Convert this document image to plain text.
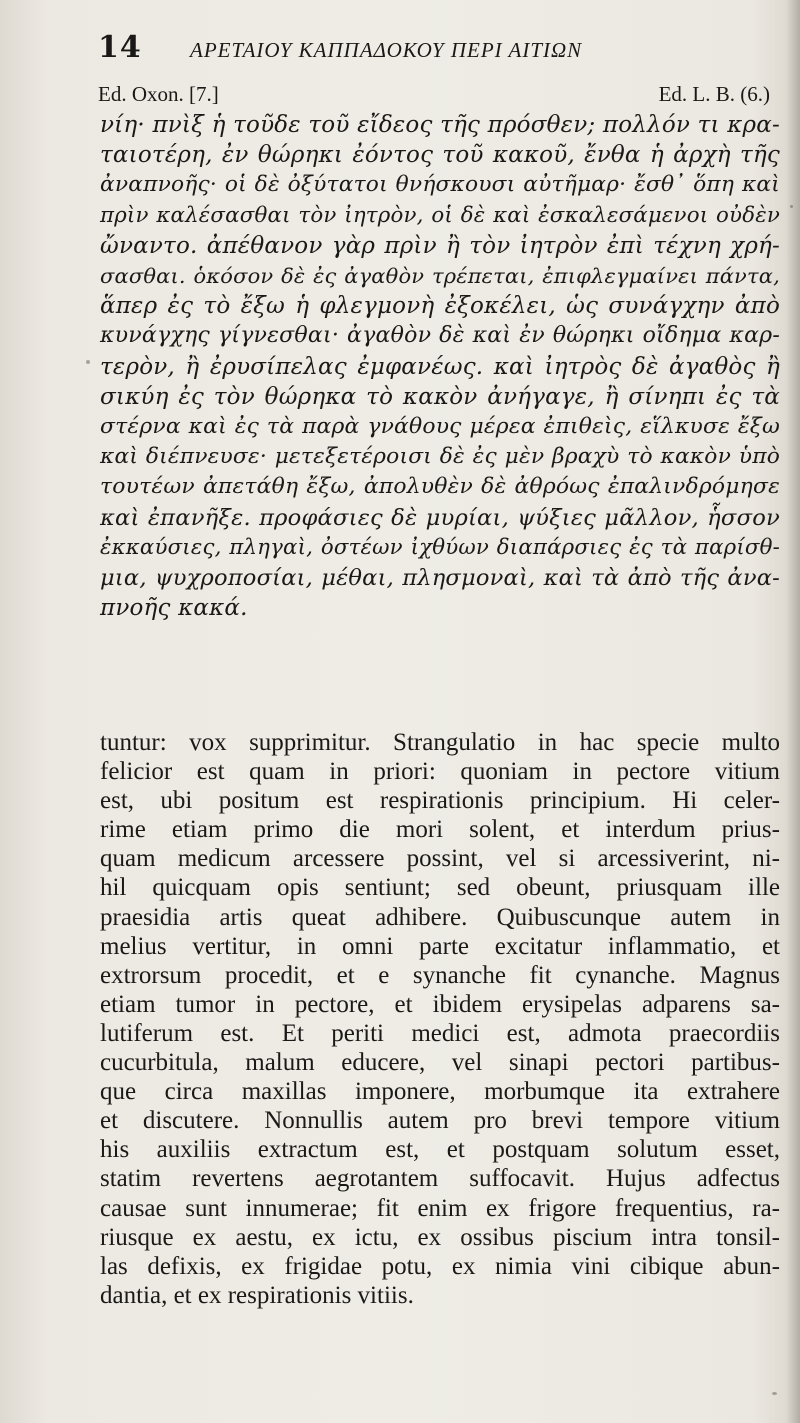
14 ΑΡΕΤΑΙΟΥ ΚΑΠΠΑΔΟΚΟΥ ΠΕΡΙ ΑΙΤΙΩΝ
Ed. Oxon. [7.]	Ed. L. B. (6.)
νίη· πνὶξ ἡ τοῦδε τοῦ εἴδεος τῆς πρόσθεν; πολλόν τι κρα-
ταιοτέρη, ἐν θώρηκι ἐόντος τοῦ κακοῦ, ἔνθα ἡ ἀρχὴ τῆς
ἀναπνοῆς· οἱ δὲ ὀξύτατοι θνήσκουσι αὐτῆμαρ· ἔσθ᾽ ὅπη καὶ
πρὶν καλέσασθαι τὸν ἰητρὸν, οἱ δὲ καὶ ἐσκαλεσάμενοι οὐδὲν
ὤναντο. ἀπέθανον γὰρ πρὶν ἢ τὸν ἰητρὸν ἐπὶ τέχνη χρή-
σασθαι. ὁκόσον δὲ ἐς ἀγαθὸν τρέπεται, ἐπιφλεγμαίνει πάντα,
ἅπερ ἐς τὸ ἔξω ἡ φλεγμονὴ ἐξοκέλει, ὡς συνάγχην ἀπὸ
κυνάγχης γίγνεσθαι· ἀγαθὸν δὲ καὶ ἐν θώρηκι οἴδημα καρ-
τερὸν, ἢ ἐρυσίπελας ἐμφανέως. καὶ ἰητρὸς δὲ ἀγαθὸς ἢ
σικύη ἐς τὸν θώρηκα τὸ κακὸν ἀνήγαγε, ἢ σίνηπι ἐς τὰ
στέρνα καὶ ἐς τὰ παρὰ γνάθους μέρεα ἐπιθεὶς, εἵλκυσε ἔξω
καὶ διέπνευσε· μετεξετέροισι δὲ ἐς μὲν βραχὺ τὸ κακὸν ὑπὸ
τουτέων ἀπετάθη ἔξω, ἀπολυθὲν δὲ ἀθρόως ἐπαλινδρόμησε
καὶ ἐπανῆξε. προφάσιες δὲ μυρίαι, ψύξιες μᾶλλον, ἧσσον
ἐκκαύσιες, πληγαὶ, ὀστέων ἰχθύων διαπάρσιες ἐς τὰ παρίσθ-
μια, ψυχροποσίαι, μέθαι, πλησμοναὶ, καὶ τὰ ἀπὸ τῆς ἀνα-
πνοῆς κακά.
tuntur: vox supprimitur. Strangulatio in hac specie multo
felicior est quam in priori: quoniam in pectore vitium
est, ubi positum est respirationis principium. Hi celer-
rime etiam primo die mori solent, et interdum prius-
quam medicum arcessere possint, vel si arcessiverint, ni-
hil quicquam opis sentiunt; sed obeunt, priusquam ille
praesidia artis queat adhibere. Quibuscunque autem in
melius vertitur, in omni parte excitatur inflammatio, et
extrorsum procedit, et e synanche fit cynanche. Magnus
etiam tumor in pectore, et ibidem erysipelas adparens sa-
lutiferum est. Et periti medici est, admota praecordiis
cucurbitula, malum educere, vel sinapi pectori partibus-
que circa maxillas imponere, morbumque ita extrahere
et discutere. Nonnullis autem pro brevi tempore vitium
his auxiliis extractum est, et postquam solutum esset,
statim revertens aegrotantem suffocavit. Hujus adfectus
causae sunt innumerae; fit enim ex frigore frequentius, ra-
riusque ex aestu, ex ictu, ex ossibus piscium intra tonsil-
las defixis, ex frigidae potu, ex nimia vini cibique abun-
dantia, et ex respirationis vitiis.
